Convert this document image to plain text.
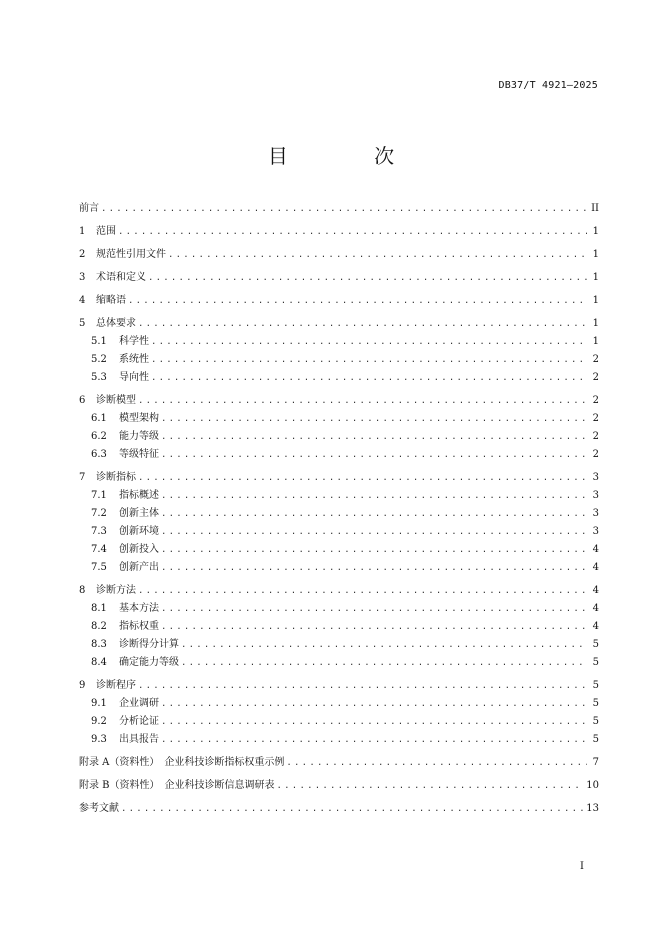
DB37/T 4921—2025
目 次
前言 . . .	II
1	范围 . . .	1
2	规范性引用文件 . . .	1
3	术语和定义 . . .	1
4	缩略语 . . .	1
5	总体要求 . . .	1
5.1	科学性 . . .	1
5.2	系统性 . . .	2
5.3	导向性 . . .	2
6	诊断模型 . . .	2
6.1	模型架构 . . .	2
6.2	能力等级 . . .	2
6.3	等级特征 . . .	2
7	诊断指标 . . .	3
7.1	指标概述 . . .	3
7.2	创新主体 . . .	3
7.3	创新环境 . . .	3
7.4	创新投入 . . .	4
7.5	创新产出 . . .	4
8	诊断方法 . . .	4
8.1	基本方法 . . .	4
8.2	指标权重 . . .	4
8.3	诊断得分计算 . . .	5
8.4	确定能力等级 . . .	5
9	诊断程序 . . .	5
9.1	企业调研 . . .	5
9.2	分析论证 . . .	5
9.3	出具报告 . . .	5
附录 A（资料性）　企业科技诊断指标权重示例 . . .	7
附录 B（资料性）　企业科技诊断信息调研表 . . .	10
参考文献 . . .	13
I
